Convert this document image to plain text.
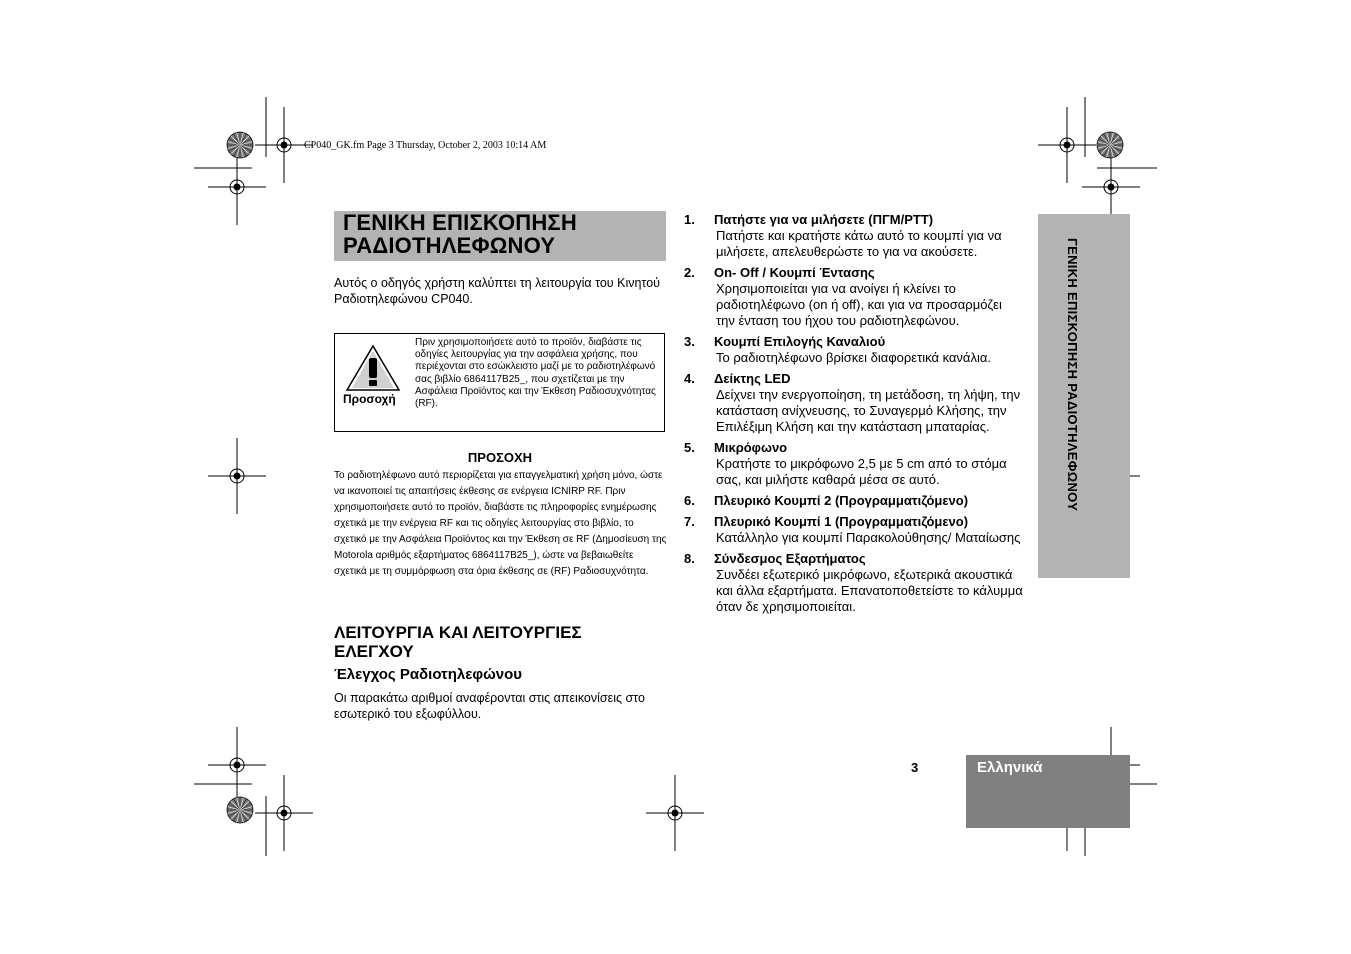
CP040_GK.fm Page 3 Thursday, October 2, 2003 10:14 AM
ΓΕΝΙΚΗ ΕΠΙΣΚΟΠΗΣΗ
ΡΑΔΙΟΤΗΛΕΦΩΝΟΥ
Αυτός ο οδηγός χρήστη καλύπτει τη λειτουργία του Κινητού Ραδιοτηλεφώνου CP040.
Προσοχή
Πριν χρησιμοποιήσετε αυτό το προϊόν, διαβάστε τις οδηγίες λειτουργίας για την ασφάλεια χρήσης, που περιέχονται στο εσώκλειστο μαζί με το ραδιοτηλέφωνό σας βιβλίο 6864117B25_, που σχετίζεται με την Ασφάλεια Προϊόντος και την Έκθεση Ραδιοσυχνότητας (RF).
ΠΡΟΣΟΧΗ
Το ραδιοτηλέφωνο αυτό περιορίζεται για επαγγελματική χρήση μόνο, ώστε να ικανοποιεί τις απαιτήσεις έκθεσης σε ενέργεια ICNIRP RF. Πριν χρησιμοποιήσετε αυτό το προϊόν, διαβάστε τις πληροφορίες ενημέρωσης σχετικά με την ενέργεια RF και τις οδηγίες λειτουργίας στο βιβλίο, το σχετικό με την Ασφάλεια Προϊόντος και την Έκθεση σε RF (Δημοσίευση της Motorola αριθμός εξαρτήματος 6864117B25_), ώστε να βεβαιωθείτε σχετικά με τη συμμόρφωση στα όρια έκθεσης σε (RF) Ραδιοσυχνότητα.
ΛΕΙΤΟΥΡΓΙΑ ΚΑΙ ΛΕΙΤΟΥΡΓΙΕΣ
ΕΛΕΓΧΟΥ
Έλεγχος Ραδιοτηλεφώνου
Οι παρακάτω αριθμοί αναφέρονται στις απεικονίσεις στο εσωτερικό του εξωφύλλου.
1. Πατήστε για να μιλήσετε (ΠΓΜ/PTT)
Πατήστε και κρατήστε κάτω αυτό το κουμπί για να μιλήσετε, απελευθερώστε το για να ακούσετε.
2. On- Off / Κουμπί Έντασης
Χρησιμοποιείται για να ανοίγει ή κλείνει το ραδιοτηλέφωνο (on ή off), και για να προσαρμόζει την ένταση του ήχου του ραδιοτηλεφώνου.
3. Κουμπί Επιλογής Καναλιού
Το ραδιοτηλέφωνο βρίσκει διαφορετικά κανάλια.
4. Δείκτης LED
Δείχνει την ενεργοποίηση, τη μετάδοση, τη λήψη, την κατάσταση ανίχνευσης, το Συναγερμό Κλήσης, την Επιλέξιμη Κλήση και την κατάσταση μπαταρίας.
5. Μικρόφωνο
Κρατήστε το μικρόφωνο 2,5 με 5 cm από το στόμα σας, και μιλήστε καθαρά μέσα σε αυτό.
6. Πλευρικό Κουμπί 2 (Προγραμματιζόμενο)
7. Πλευρικό Κουμπί 1 (Προγραμματιζόμενο)
Κατάλληλο για κουμπί Παρακολούθησης/ Ματαίωσης
8. Σύνδεσμος Εξαρτήματος
Συνδέει εξωτερικό μικρόφωνο, εξωτερικά ακουστικά και άλλα εξαρτήματα. Επανατοποθετείστε το κάλυμμα όταν δε χρησιμοποιείται.
ΓΕΝΙΚΗ ΕΠΙΣΚΟΠΗΣΗ ΡΑΔΙΟΤΗΛΕΦΩΝΟΥ
3	Ελληνικά
